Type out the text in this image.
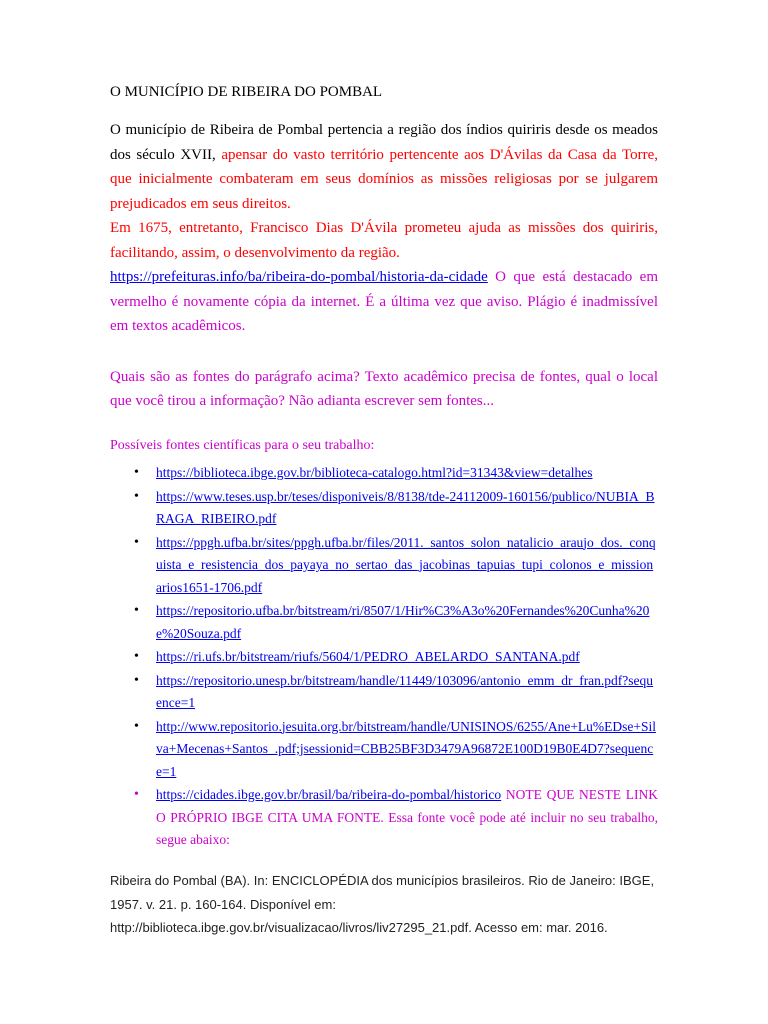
O MUNICÍPIO DE RIBEIRA DO POMBAL

O município de Ribeira de Pombal pertencia a região dos índios quiriris desde os meados dos século XVII, apensar do vasto território pertencente aos D'Ávilas da Casa da Torre, que inicialmente combateram em seus domínios as missões religiosas por se julgarem prejudicados em seus direitos.

Em 1675, entretanto, Francisco Dias D'Ávila prometeu ajuda as missões dos quiriris, facilitando, assim, o desenvolvimento da região.

https://prefeituras.info/ba/ribeira-do-pombal/historia-da-cidade O que está destacado em vermelho é novamente cópia da internet. É a última vez que aviso. Plágio é inadmissível em textos acadêmicos.

Quais são as fontes do parágrafo acima? Texto acadêmico precisa de fontes, qual o local que você tirou a informação? Não adianta escrever sem fontes...

Possíveis fontes científicas para o seu trabalho:

• https://biblioteca.ibge.gov.br/biblioteca-catalogo.html?id=31343&view=detalhes
• https://www.teses.usp.br/teses/disponiveis/8/8138/tde-24112009-160156/publico/NUBIA_BRAGA_RIBEIRO.pdf
• https://ppgh.ufba.br/sites/ppgh.ufba.br/files/2011._santos_solon_natalicio_araujo_dos._conquista_e_resistencia_dos_payaya_no_sertao_das_jacobinas_tapuias_tupi_colonos_e_missionarios1651-1706.pdf
• https://repositorio.ufba.br/bitstream/ri/8507/1/Hir%C3%A3o%20Fernandes%20Cunha%20e%20Souza.pdf
• https://ri.ufs.br/bitstream/riufs/5604/1/PEDRO_ABELARDO_SANTANA.pdf
• https://repositorio.unesp.br/bitstream/handle/11449/103096/antonio_emm_dr_fran.pdf?sequence=1
• http://www.repositorio.jesuita.org.br/bitstream/handle/UNISINOS/6255/Ane+Lu%EDse+Silva+Mecenas+Santos_.pdf;jsessionid=CBB25BF3D3479A96872E100D19B0E4D7?sequence=1
• https://cidades.ibge.gov.br/brasil/ba/ribeira-do-pombal/historico NOTE QUE NESTE LINK O PRÓPRIO IBGE CITA UMA FONTE. Essa fonte você pode até incluir no seu trabalho, segue abaixo:
Ribeira do Pombal (BA). In: ENCICLOPÉDIA dos municípios brasileiros. Rio de Janeiro: IBGE, 1957. v. 21. p. 160-164. Disponível em: http://biblioteca.ibge.gov.br/visualizacao/livros/liv27295_21.pdf. Acesso em: mar. 2016.
